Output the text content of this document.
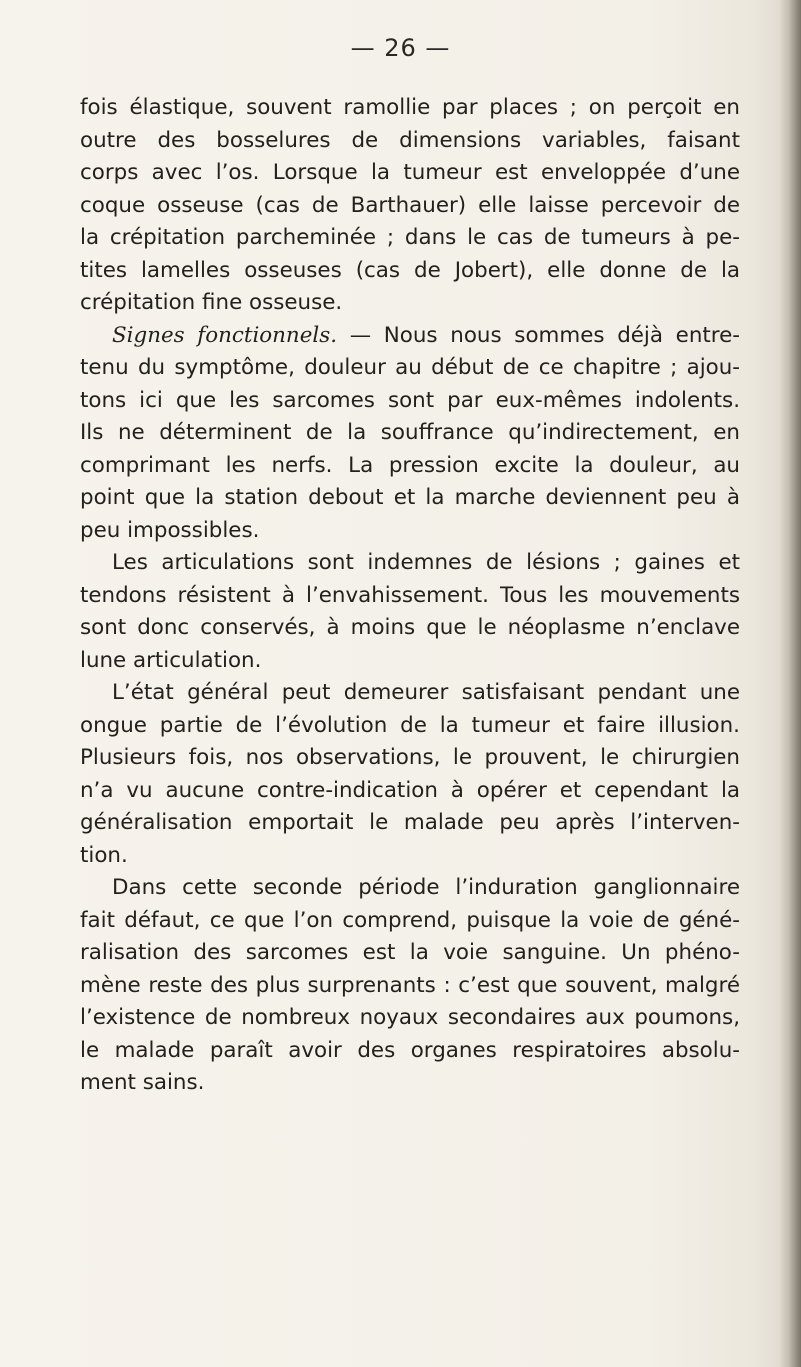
— 26 —
fois élastique, souvent ramollie par places ; on perçoit en
outre des bosselures de dimensions variables, faisant
corps avec l’os. Lorsque la tumeur est enveloppée d’une
coque osseuse (cas de Barthauer) elle laisse percevoir de
la crépitation parcheminée ; dans le cas de tumeurs à pe-
tites lamelles osseuses (cas de Jobert), elle donne de la
crépitation fine osseuse.
Signes fonctionnels. — Nous nous sommes déjà entre-
tenu du symptôme, douleur au début de ce chapitre ; ajou-
tons ici que les sarcomes sont par eux-mêmes indolents.
Ils ne déterminent de la souffrance qu’indirectement, en
comprimant les nerfs. La pression excite la douleur, au
point que la station debout et la marche deviennent peu à
peu impossibles.
Les articulations sont indemnes de lésions ; gaines et
tendons résistent à l’envahissement. Tous les mouvements
sont donc conservés, à moins que le néoplasme n’enclave
lune articulation.
L’état général peut demeurer satisfaisant pendant une
ongue partie de l’évolution de la tumeur et faire illusion.
Plusieurs fois, nos observations, le prouvent, le chirurgien
n’a vu aucune contre-indication à opérer et cependant la
généralisation emportait le malade peu après l’interven-
tion.
Dans cette seconde période l’induration ganglionnaire
fait défaut, ce que l’on comprend, puisque la voie de géné-
ralisation des sarcomes est la voie sanguine. Un phéno-
mène reste des plus surprenants : c’est que souvent, malgré
l’existence de nombreux noyaux secondaires aux poumons,
le malade paraît avoir des organes respiratoires absolu-
ment sains.
